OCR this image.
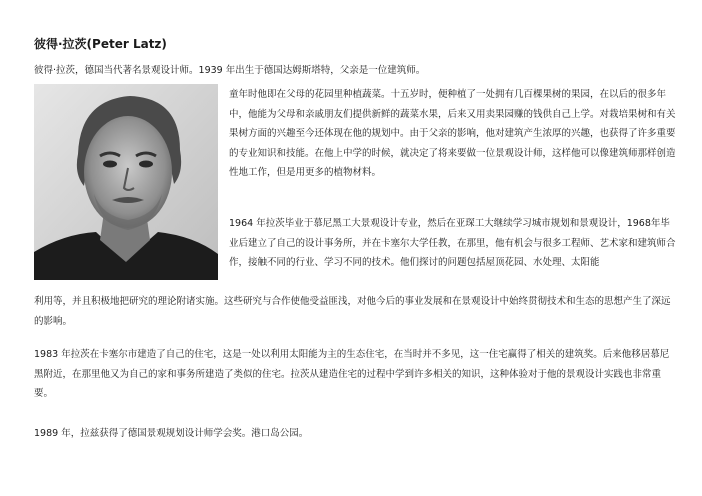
彼得·拉茨(Peter Latz)
彼得·拉茨，德国当代著名景观设计师。1939 年出生于德国达姆斯塔特，父亲是一位建筑师。

童年时他即在父母的花园里种植蔬菜。十五岁时，便种植了一处拥有几百棵果树的果园，在以后的很多年中，他能为父母和亲戚朋友们提供新鲜的蔬菜水果，后来又用卖果园赚的钱供自己上学。对栽培果树和有关果树方面的兴趣至今还体现在他的规划中。由于父亲的影响，他对建筑产生浓厚的兴趣，也获得了许多重要的专业知识和技能。在他上中学的时候，就决定了将来要做一位景观设计师，这样他可以像建筑师那样创造性地工作，但是用更多的植物材料。

1964 年拉茨毕业于慕尼黑工大景观设计专业，然后在亚琛工大继续学习城市规划和景观设计，1968年毕业后建立了自己的设计事务所，并在卡塞尔大学任教，在那里，他有机会与很多工程师、艺术家和建筑师合作，接触不同的行业、学习不同的技术。他们探讨的问题包括屋顶花园、水处理、太阳能

利用等，并且积极地把研究的理论附诸实施。这些研究与合作使他受益匪浅，对他今后的事业发展和在景观设计中始终贯彻技术和生态的思想产生了深远的影响。

1983 年拉茨在卡塞尔市建造了自己的住宅，这是一处以利用太阳能为主的生态住宅，在当时并不多见，这一住宅赢得了相关的建筑奖。后来他移居慕尼黑附近，在那里他又为自己的家和事务所建造了类似的住宅。拉茨从建造住宅的过程中学到许多相关的知识，这种体验对于他的景观设计实践也非常重要。

1989 年，拉兹获得了德国景观规划设计师学会奖。港口岛公园。
